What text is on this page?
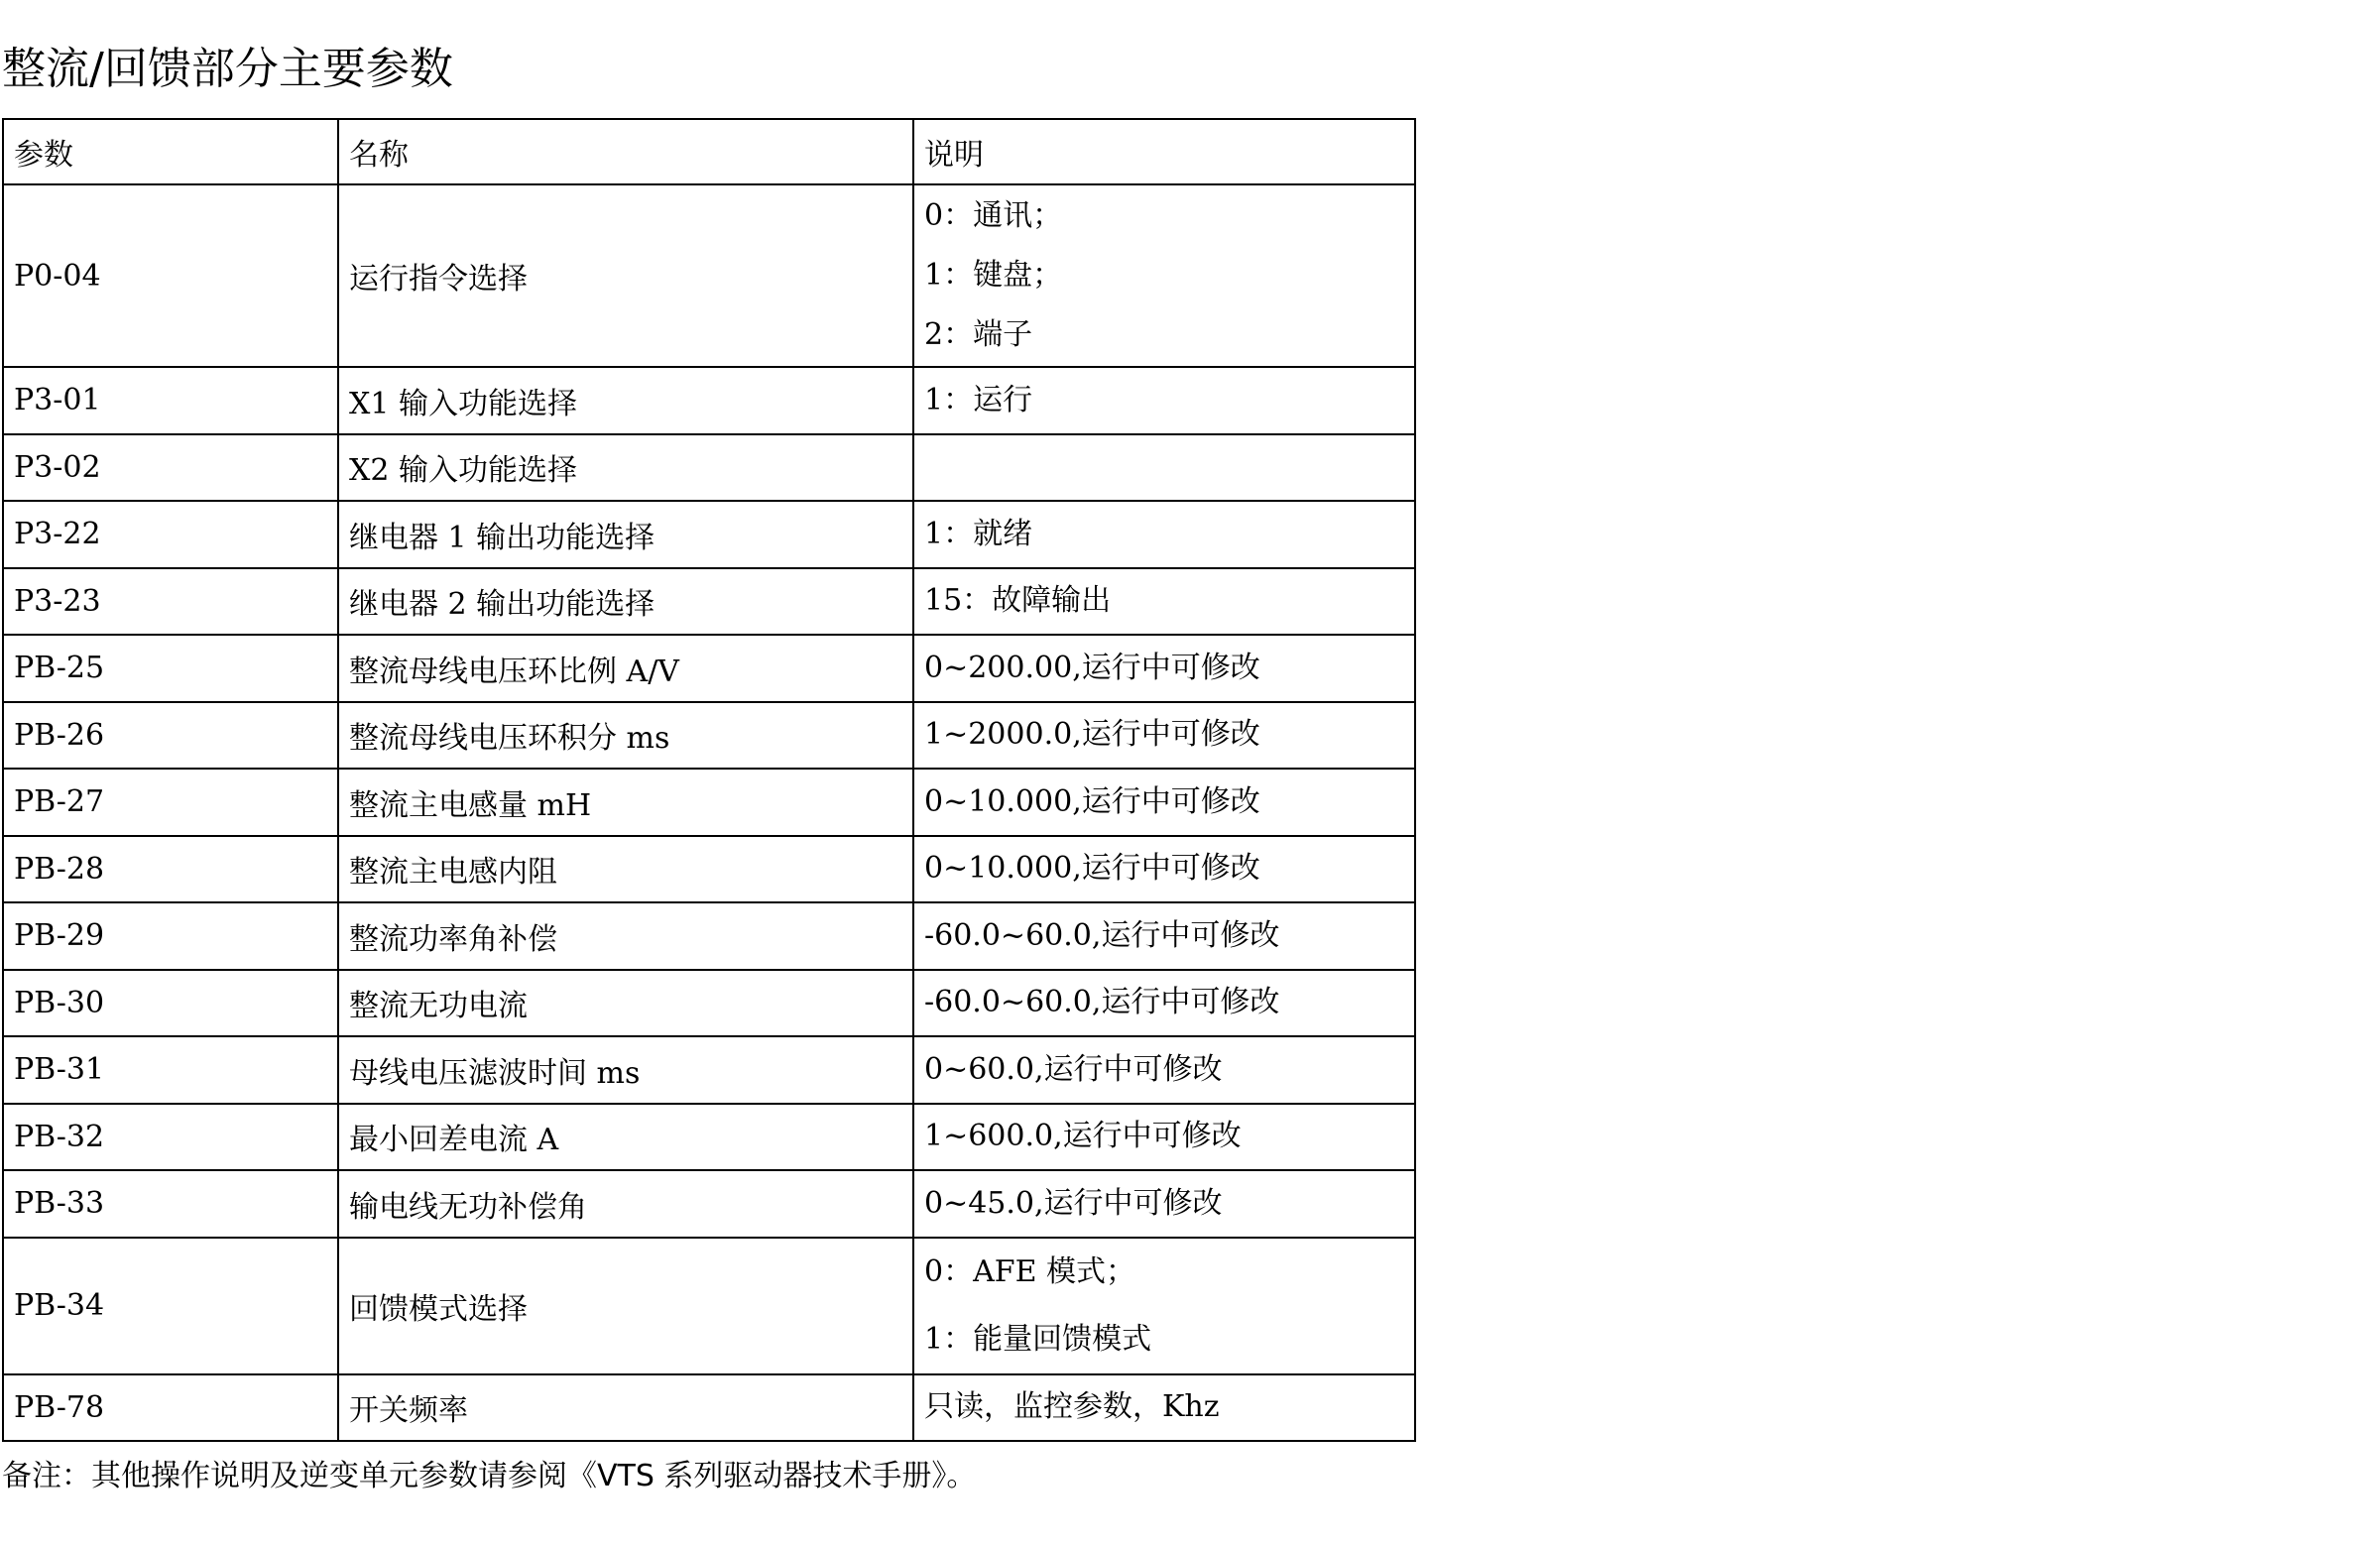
整流/回馈部分主要参数
参数	名称	说明
P0-04	运行指令选择	0：通讯；
1：键盘；
2：端子

P3-01	X1 输入功能选择	1：运行

P3-02	X2 输入功能选择	
P3-22	继电器 1 输出功能选择	1：就绪

P3-23	继电器 2 输出功能选择	15：故障输出

PB-25	整流母线电压环比例 A/V	0~200.00,运行中可修改

PB-26	整流母线电压环积分 ms	1~2000.0,运行中可修改

PB-27	整流主电感量 mH	0~10.000,运行中可修改

PB-28	整流主电感内阻	0~10.000,运行中可修改

PB-29	整流功率角补偿	-60.0~60.0,运行中可修改

PB-30	整流无功电流	-60.0~60.0,运行中可修改

PB-31	母线电压滤波时间 ms	0~60.0,运行中可修改

PB-32	最小回差电流 A	1~600.0,运行中可修改

PB-33	输电线无功补偿角	0~45.0,运行中可修改

PB-34	回馈模式选择	0：AFE 模式；
1：能量回馈模式

PB-78	开关频率	只读，监控参数，Khz
备注：其他操作说明及逆变单元参数请参阅《VTS 系列驱动器技术手册》。
